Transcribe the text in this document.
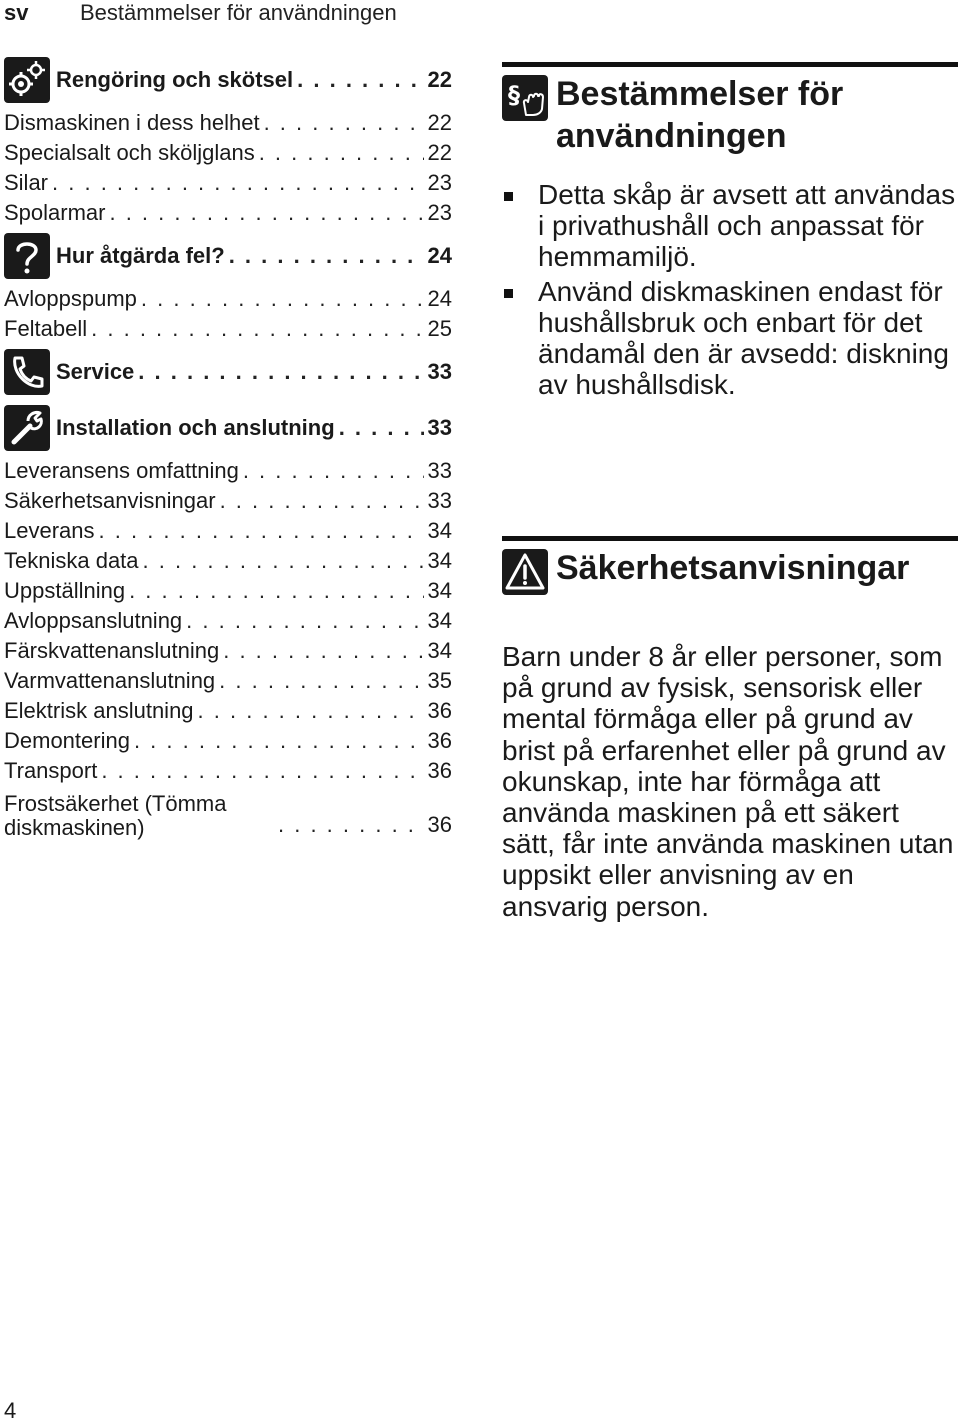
sv Bestämmelser för användningen
Rengöring och skötsel . . .	22
Dismaskinen i dess helhet . . .	22
Specialsalt och sköljglans . . .	22
Silar . . .	23
Spolarmar . . .	23
Hur åtgärda fel? . . .	24
Avloppspump . . .	24
Feltabell . . .	25
Service . . .	33
Installation och anslutning . . .	33
Leveransens omfattning . . .	33
Säkerhetsanvisningar . . .	33
Leverans . . .	34
Tekniska data . . .	34
Uppställning . . .	34
Avloppsanslutning . . .	34
Färskvattenanslutning . . .	34
Varmvattenanslutning . . .	35
Elektrisk anslutning . . .	36
Demontering . . .	36
Transport . . .	36
Frostsäkerhet (Tömma diskmaskinen) . . .	36
§ Bestämmelser för användningen
Detta skåp är avsett att användas i privathushåll och anpassat för hemmamiljö.
Använd diskmaskinen endast för hushållsbruk och enbart för det ändamål den är avsedd: diskning av hushållsdisk.
Säkerhetsanvisningar

Barn under 8 år eller personer, som på grund av fysisk, sensorisk eller mental förmåga eller på grund av brist på erfarenhet eller på grund av okunskap, inte har förmåga att använda maskinen på ett säkert sätt, får inte använda maskinen utan uppsikt eller anvisning av en ansvarig person.

4
